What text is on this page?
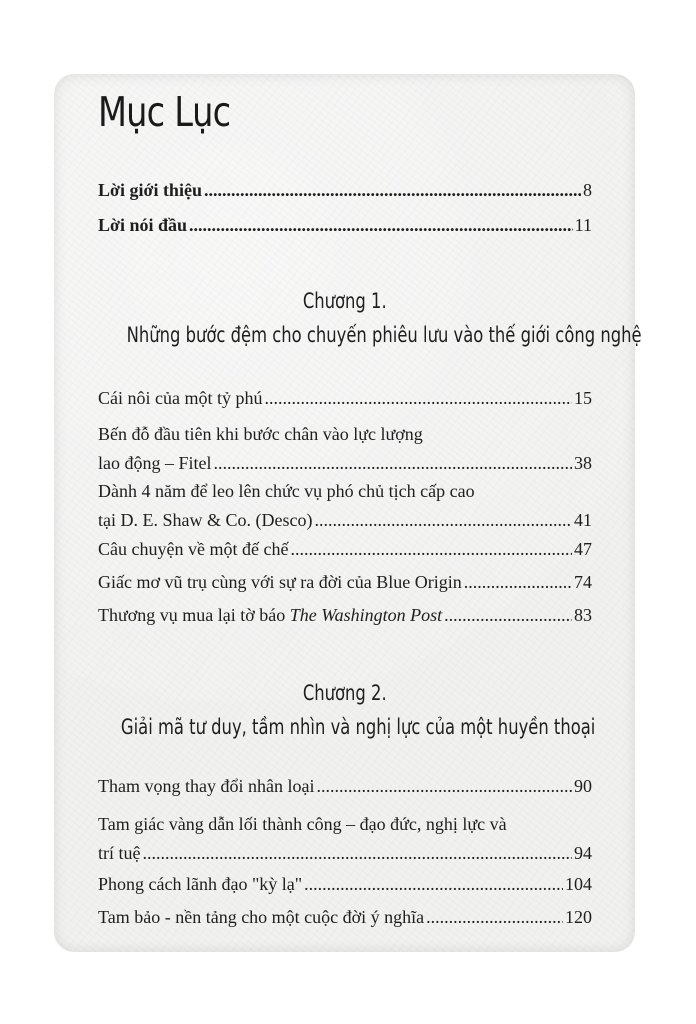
Mục Lục
Lời giới thiệu .....	8
Lời nói đầu .....	11
Chương 1.
Những bước đệm cho chuyến phiêu lưu vào thế giới công nghệ
Cái nôi của một tỷ phú .....	15
Bến đỗ đầu tiên khi bước chân vào lực lượng
lao động – Fitel .....	38
Dành 4 năm để leo lên chức vụ phó chủ tịch cấp cao
tại D. E. Shaw & Co. (Desco) .....	41
Câu chuyện về một đế chế .....	47
Giấc mơ vũ trụ cùng với sự ra đời của Blue Origin .....	74
Thương vụ mua lại tờ báo The Washington Post .....	83
Chương 2.
Giải mã tư duy, tầm nhìn và nghị lực của một huyền thoại
Tham vọng thay đổi nhân loại .....	90
Tam giác vàng dẫn lối thành công – đạo đức, nghị lực và
trí tuệ .....	94
Phong cách lãnh đạo "kỳ lạ" .....	104
Tam bảo - nền tảng cho một cuộc đời ý nghĩa .....	120
